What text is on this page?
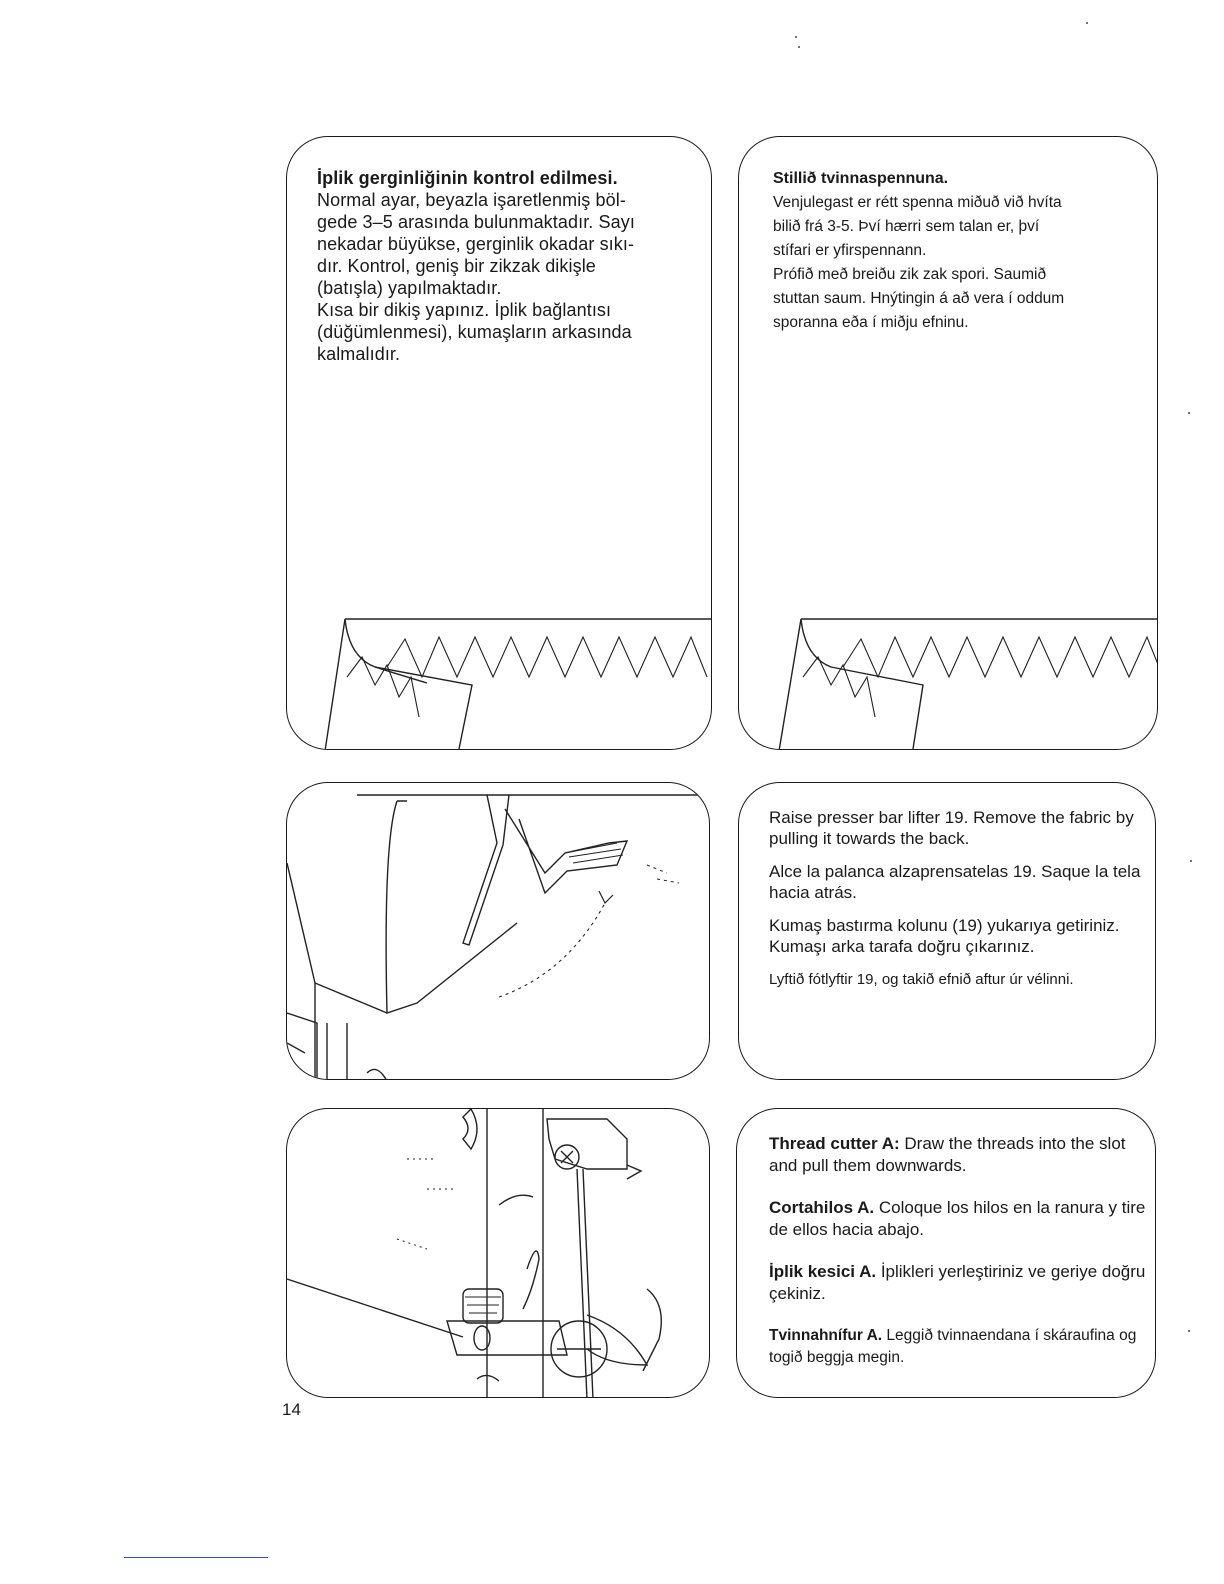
İplik gerginliğinin kontrol edilmesi.

Normal ayar, beyazla işaretlenmiş böl-

gede 3–5 arasında bulunmaktadır. Sayı

nekadar büyükse, gerginlik okadar sıkı-

dır. Kontrol, geniş bir zikzak dikişle

(batışla) yapılmaktadır.

Kısa bir dikiş yapınız. İplik bağlantısı

(düğümlenmesi), kumaşların arkasında

kalmalıdır.

Stillið tvinnaspennuna.

Venjulegast er rétt spenna miðuð við hvíta

bilið frá 3-5. Því hærri sem talan er, því

stífari er yfirspennann.

Prófið með breiðu zik zak spori. Saumið

stuttan saum. Hnýtingin á að vera í oddum

sporanna eða í miðju efninu.

Raise presser bar lifter 19. Remove the fabric by pulling it towards the back.

Alce la palanca alzaprensatelas 19. Saque la tela hacia atrás.

Kumaş bastırma kolunu (19) yukarıya getiriniz. Kumaşı arka tarafa doğru çıkarınız.

Lyftið fótlyftir 19, og takið efnið aftur úr vélinni.

Thread cutter A: Draw the threads into the slot and pull them downwards.

Cortahilos A. Coloque los hilos en la ranura y tire de ellos hacia abajo.

İplik kesici A. İplikleri yerleştiriniz ve geriye doğru çekiniz.

Tvinnahnífur A. Leggið tvinnaendana í skáraufina og togið beggja megin.

14
